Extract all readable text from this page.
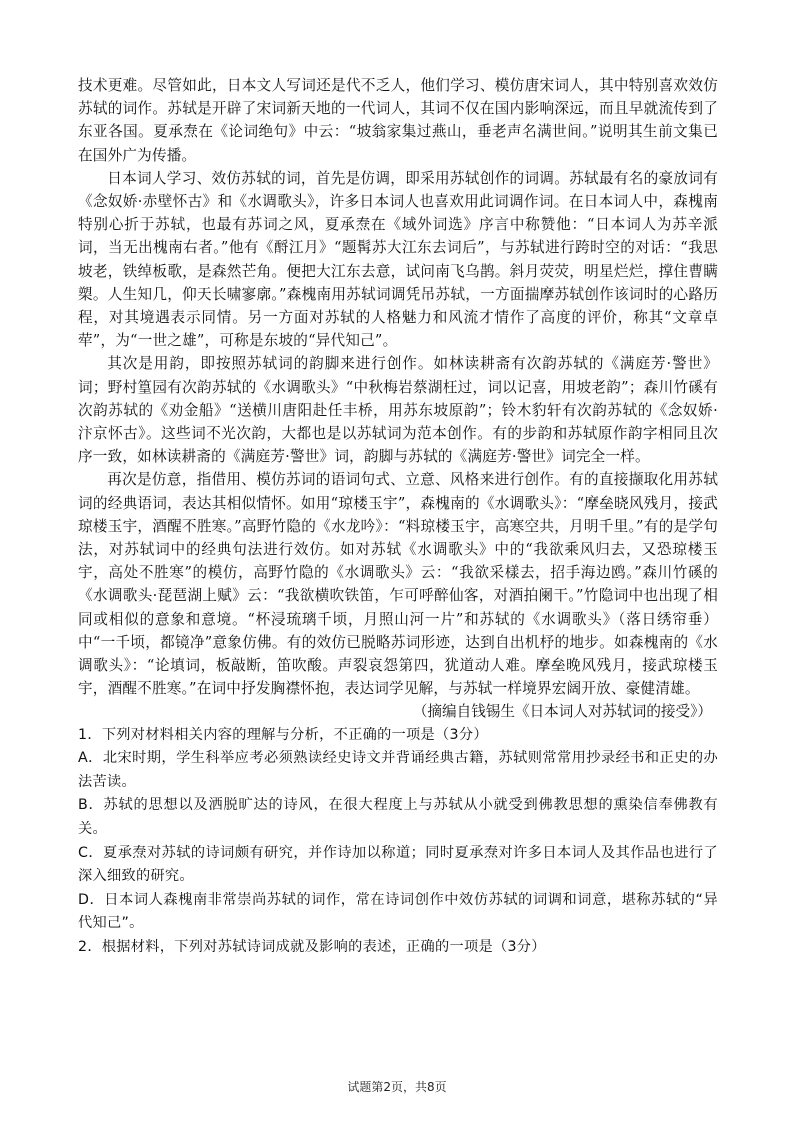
技术更难。尽管如此，日本文人写词还是代不乏人，他们学习、模仿唐宋词人，其中特别喜欢效仿苏轼的词作。苏轼是开辟了宋词新天地的一代词人，其词不仅在国内影响深远，而且早就流传到了东亚各国。夏承焘在《论词绝句》中云：“坡翁家集过燕山，垂老声名满世间。”说明其生前文集已在国外广为传播。

日本词人学习、效仿苏轼的词，首先是仿调，即采用苏轼创作的词调。苏轼最有名的豪放词有《念奴娇·赤壁怀古》和《水调歌头》，许多日本词人也喜欢用此词调作词。在日本词人中，森槐南特别心折于苏轼，也最有苏词之风，夏承焘在《域外词选》序言中称赞他：“日本词人为苏辛派词，当无出槐南右者。”他有《酹江月》“题髯苏大江东去词后”，与苏轼进行跨时空的对话：“我思坡老，铁绰板歌，是森然芒角。便把大江东去意，试问南飞乌鹊。斜月荧荧，明星烂烂，撑住曹瞒槊。人生知几，仰天长啸寥廓。”森槐南用苏轼词调凭吊苏轼，一方面揣摩苏轼创作该词时的心路历程，对其境遇表示同情。另一方面对苏轼的人格魅力和风流才情作了高度的评价，称其“文章卓荦”，为“一世之雄”，可称是东坡的“异代知己”。

其次是用韵，即按照苏轼词的韵脚来进行创作。如林读耕斋有次韵苏轼的《满庭芳·警世》词；野村篁园有次韵苏轼的《水调歌头》“中秋梅岩蔡湖枉过，词以记喜，用坡老韵”；森川竹磎有次韵苏轼的《劝金船》“送横川唐阳赴任丰桥，用苏东坡原韵”；铃木豹轩有次韵苏轼的《念奴娇·汴京怀古》。这些词不光次韵，大都也是以苏轼词为范本创作。有的步韵和苏轼原作韵字相同且次序一致，如林读耕斋的《满庭芳·警世》词，韵脚与苏轼的《满庭芳·警世》词完全一样。

再次是仿意，指借用、模仿苏词的语词句式、立意、风格来进行创作。有的直接撷取化用苏轼词的经典语词，表达其相似情怀。如用“琼楼玉宇”，森槐南的《水调歌头》：“摩垒晓风残月，接武琼楼玉宇，酒醒不胜寒。”高野竹隐的《水龙吟》：“料琼楼玉宇，高寒空共，月明千里。”有的是学句法，对苏轼词中的经典句法进行效仿。如对苏轼《水调歌头》中的“我欲乘风归去，又恐琼楼玉宇，高处不胜寒”的模仿，高野竹隐的《水调歌头》云：“我欲采樣去，招手海边鸥。”森川竹磎的《水调歌头·琵琶湖上赋》云：“我欲横吹铁笛，乍可呼醉仙客，对酒拍阑干。”竹隐词中也出现了相同或相似的意象和意境。“杯浸琉璃千顷，月照山河一片”和苏轼的《水调歌头》（落日绣帘垂）中“一千顷，都镜净”意象仿佛。有的效仿已脱略苏词形迹，达到自出机杼的地步。如森槐南的《水调歌头》：“论填词，板敲断，笛吹酸。声裂哀怨第四，犹道动人难。摩垒晚风残月，接武琼楼玉宇，酒醒不胜寒。”在词中抒发胸襟怀抱，表达词学见解，与苏轼一样境界宏阔开放、豪健清雄。

（摘编自钱锡生《日本词人对苏轼词的接受》）

1．下列对材料相关内容的理解与分析，不正确的一项是（3分）

A．北宋时期，学生科举应考必须熟读经史诗文并背诵经典古籍，苏轼则常常用抄录经书和正史的办法苦读。

B．苏轼的思想以及洒脱旷达的诗风，在很大程度上与苏轼从小就受到佛教思想的熏染信奉佛教有关。

C．夏承焘对苏轼的诗词颇有研究，并作诗加以称道；同时夏承焘对许多日本词人及其作品也进行了深入细致的研究。

D．日本词人森槐南非常崇尚苏轼的词作，常在诗词创作中效仿苏轼的词调和词意，堪称苏轼的“异代知己”。

2．根据材料，下列对苏轼诗词成就及影响的表述，正确的一项是（3分）

试题第2页，共8页
